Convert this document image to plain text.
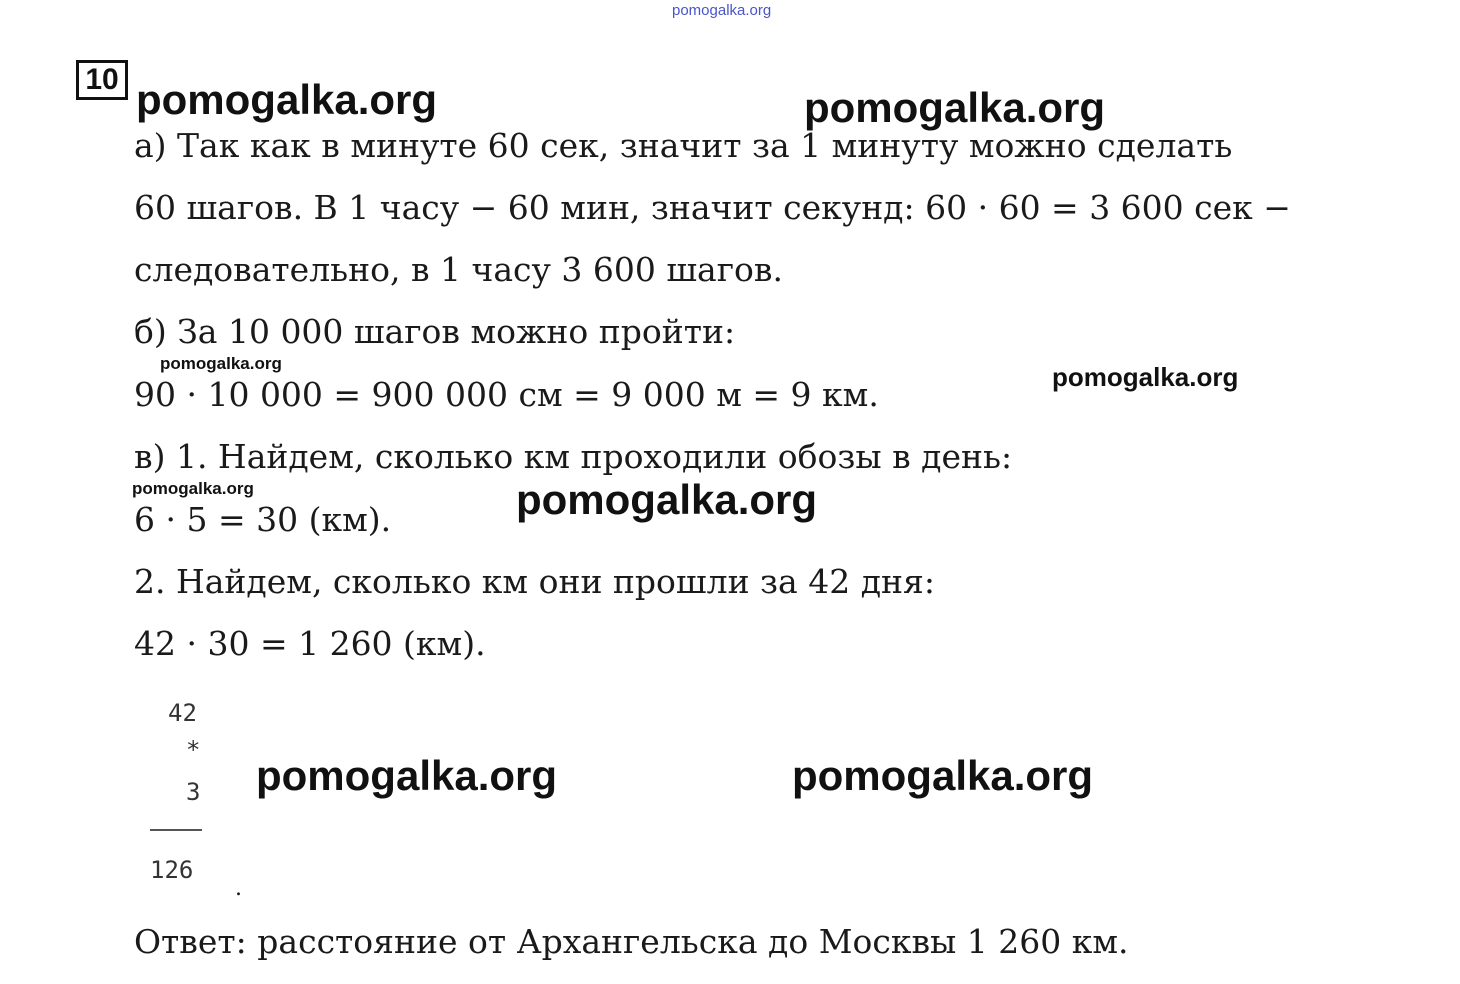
pomogalka.org
pomogalka.org	pomogalka.org
pomogalka.org	pomogalka.org
pomogalka.org	pomogalka.org
pomogalka.org	pomogalka.org
10
а) Так как в минуте 60 сек, значит за 1 минуту можно сделать
60 шагов. В 1 часу − 60 мин, значит секунд: 60 · 60 = 3 600 сек −
следовательно, в 1 часу 3 600 шагов.
б) За 10 000 шагов можно пройти:
90 · 10 000 = 900 000 см = 9 000 м = 9 км.
в) 1. Найдем, сколько км проходили обозы в день:
6 · 5 = 30 (км).
2. Найдем, сколько км они прошли за 42 дня:
42 · 30 = 1 260 (км).
42
*
3
126
.
Ответ: расстояние от Архангельска до Москвы 1 260 км.
